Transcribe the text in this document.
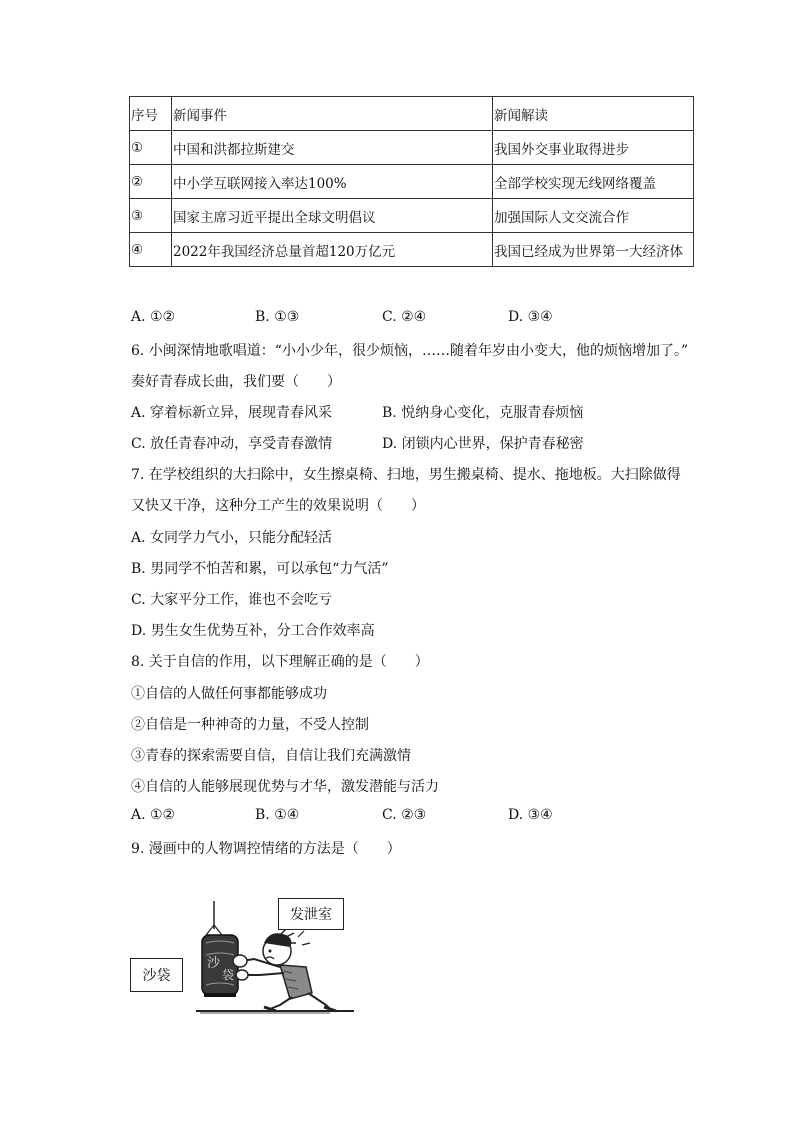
序号	新闻事件	新闻解读
①	中国和洪都拉斯建交	我国外交事业取得进步
②	中小学互联网接入率达100%	全部学校实现无线网络覆盖
③	国家主席习近平提出全球文明倡议	加强国际人文交流合作
④	2022年我国经济总量首超120万亿元	我国已经成为世界第一大经济体
A. ①②	B. ①③	C. ②④	D. ③④
6. 小闽深情地歌唱道：“小小少年，很少烦恼，……随着年岁由小变大，他的烦恼增加了。”
奏好青春成长曲，我们要（　　）
A. 穿着标新立异，展现青春风采	B. 悦纳身心变化，克服青春烦恼
C. 放任青春冲动，享受青春激情	D. 闭锁内心世界，保护青春秘密
7. 在学校组织的大扫除中，女生擦桌椅、扫地，男生搬桌椅、提水、拖地板。大扫除做得
又快又干净，这种分工产生的效果说明（　　）
A. 女同学力气小，只能分配轻活
B. 男同学不怕苦和累，可以承包“力气活”
C. 大家平分工作，谁也不会吃亏
D. 男生女生优势互补，分工合作效率高
8. 关于自信的作用，以下理解正确的是（　　）
①自信的人做任何事都能够成功
②自信是一种神奇的力量，不受人控制
③青春的探索需要自信，自信让我们充满激情
④自信的人能够展现优势与才华，激发潜能与活力
A. ①②	B. ①④	C. ②③	D. ③④
9. 漫画中的人物调控情绪的方法是（　　）
沙
袋
发泄室
沙袋
